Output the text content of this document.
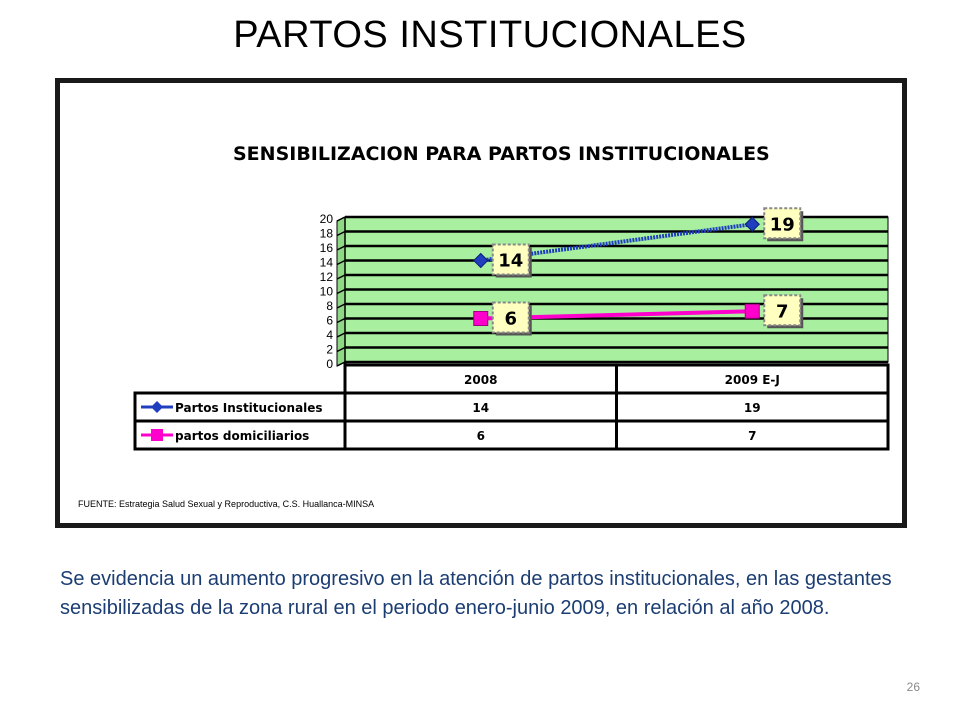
PARTOS INSTITUCIONALES
SENSIBILIZACION PARA PARTOS INSTITUCIONALES
0
2
4
6
8
10
12
14
16
18
20
14
19
6	7
2008	2009 E-J
Partos Institucionales	14	19
partos domiciliarios	6	7
FUENTE: Estrategia Salud Sexual y Reproductiva, C.S. Huallanca-MINSA
Se evidencia un aumento progresivo en la atención de partos institucionales, en las gestantes sensibilizadas de la zona rural en el periodo enero-junio 2009, en relación al año 2008.
26
